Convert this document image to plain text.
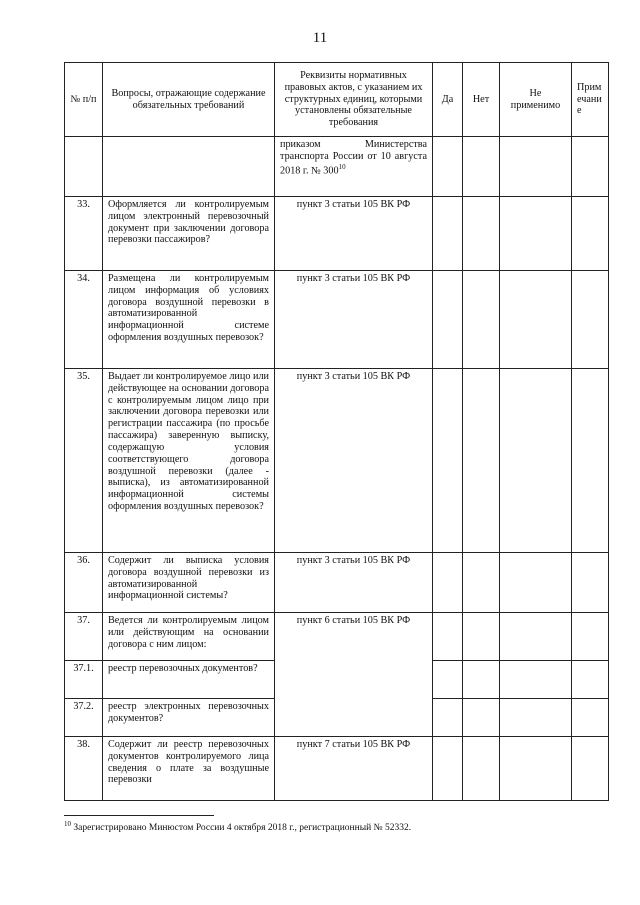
11
№ п/п	Вопросы, отражающие содержание обязательных требований	Реквизиты нормативных правовых актов, с указанием их структурных единиц, которыми установлены обязательные требования	Да	Нет	Не применимо	Примечание
		приказом Министерства транспорта России от 10 августа 2018 г. № $300^{10}$				
33.	Оформляется ли контролируемым лицом электронный перевозочный документ при заключении договора перевозки пассажиров?	пункт 3 статьи 105 ВК РФ				
34.	Размещена ли контролируемым лицом информация об условиях договора воздушной перевозки в автоматизированной информационной системе оформления воздушных перевозок?	пункт 3 статьи 105 ВК РФ				
35.	Выдает ли контролируемое лицо или действующее на основании договора с контролируемым лицом лицо при заключении договора перевозки или регистрации пассажира (по просьбе пассажира) заверенную выписку, содержащую условия соответствующего договора воздушной перевозки (далее - выписка), из автоматизированной информационной системы оформления воздушных перевозок?	пункт 3 статьи 105 ВК РФ				
36.	Содержит ли выписка условия договора воздушной перевозки из автоматизированной информационной системы?	пункт 3 статьи 105 ВК РФ				
37.	Ведется ли контролируемым лицом или действующим на основании договора с ним лицом:	пункт 6 статьи 105 ВК РФ				
37.1.	реестр перевозочных документов?					
37.2.	реестр электронных перевозочных документов?					
38.	Содержит ли реестр перевозочных документов контролируемого лица сведения о плате за воздушные перевозки	пункт 7 статьи 105 ВК РФ				
$^{10}$ Зарегистрировано Минюстом России 4 октября 2018 г., регистрационный № 52332.
